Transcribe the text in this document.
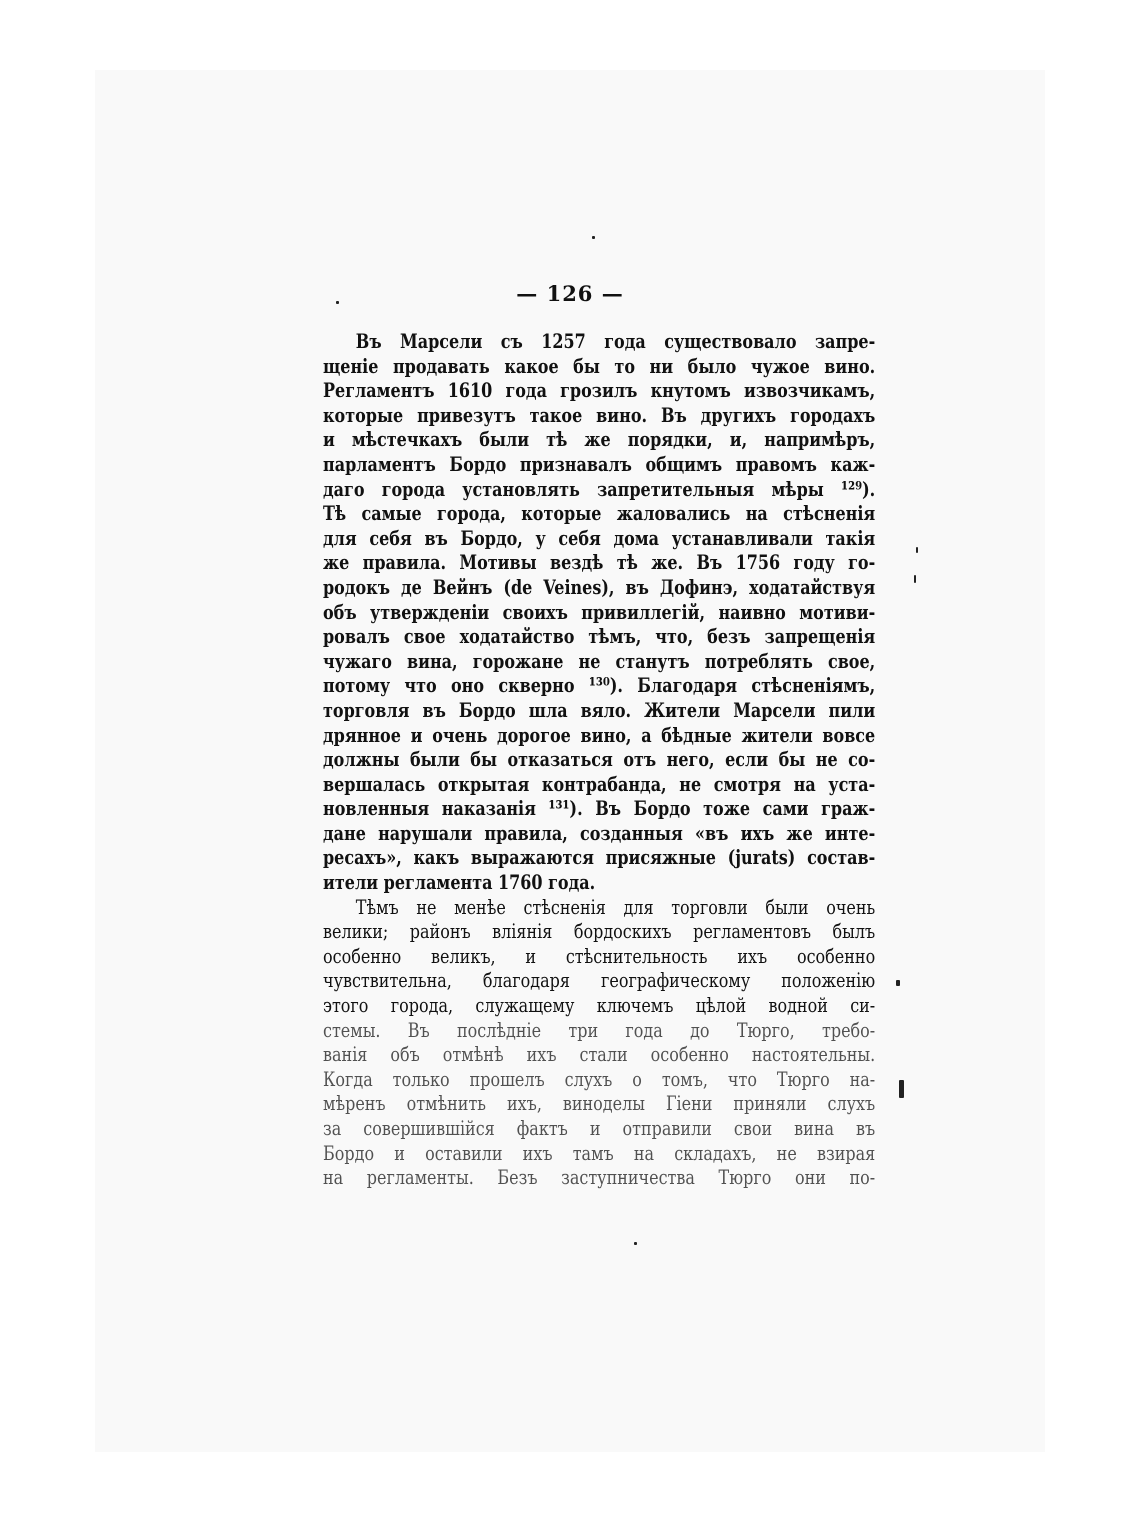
— 126 —
Въ Марсели съ 1257 года существовало запре-
щеніе продавать какое бы то ни было чужое вино.
Регламентъ 1610 года грозилъ кнутомъ извозчикамъ,
которые привезутъ такое вино. Въ другихъ городахъ
и мѣстечкахъ были тѣ же порядки, и, напримѣръ,
парламентъ Бордо признавалъ общимъ правомъ каж-
даго города установлять запретительныя мѣры ¹²⁹).
Тѣ самые города, которые жаловались на стѣсненія
для себя въ Бордо, у себя дома устанавливали такія
же правила. Мотивы вездѣ тѣ же. Въ 1756 году го-
родокъ де Вейнъ (de Veines), въ Дофинэ, ходатайствуя
объ утвержденіи своихъ привиллегій, наивно мотиви-
ровалъ свое ходатайство тѣмъ, что, безъ запрещенія
чужаго вина, горожане не станутъ потреблять свое,
потому что оно скверно ¹³⁰). Благодаря стѣсненіямъ,
торговля въ Бордо шла вяло. Жители Марсели пили
дрянное и очень дорогое вино, а бѣдные жители вовсе
должны были бы отказаться отъ него, если бы не со-
вершалась открытая контрабанда, не смотря на уста-
новленныя наказанія ¹³¹). Въ Бордо тоже сами граж-
дане нарушали правила, созданныя «въ ихъ же инте-
ресахъ», какъ выражаются присяжные (jurats) состав-
ители регламента 1760 года.
Тѣмъ не менѣе стѣсненія для торговли были очень
велики; районъ вліянія бордоскихъ регламентовъ былъ
особенно великъ, и стѣснительность ихъ особенно
чувствительна, благодаря географическому положенію
этого города, служащему ключемъ цѣлой водной си-
стемы. Въ послѣдніе три года до Тюрго, требо-
ванія объ отмѣнѣ ихъ стали особенно настоятельны.
Когда только прошелъ слухъ о томъ, что Тюрго на-
мѣренъ отмѣнить ихъ, виноделы Гіени приняли слухъ
за совершившійся фактъ и отправили свои вина въ
Бордо и оставили ихъ тамъ на складахъ, не взирая
на регламенты. Безъ заступничества Тюрго они по-
